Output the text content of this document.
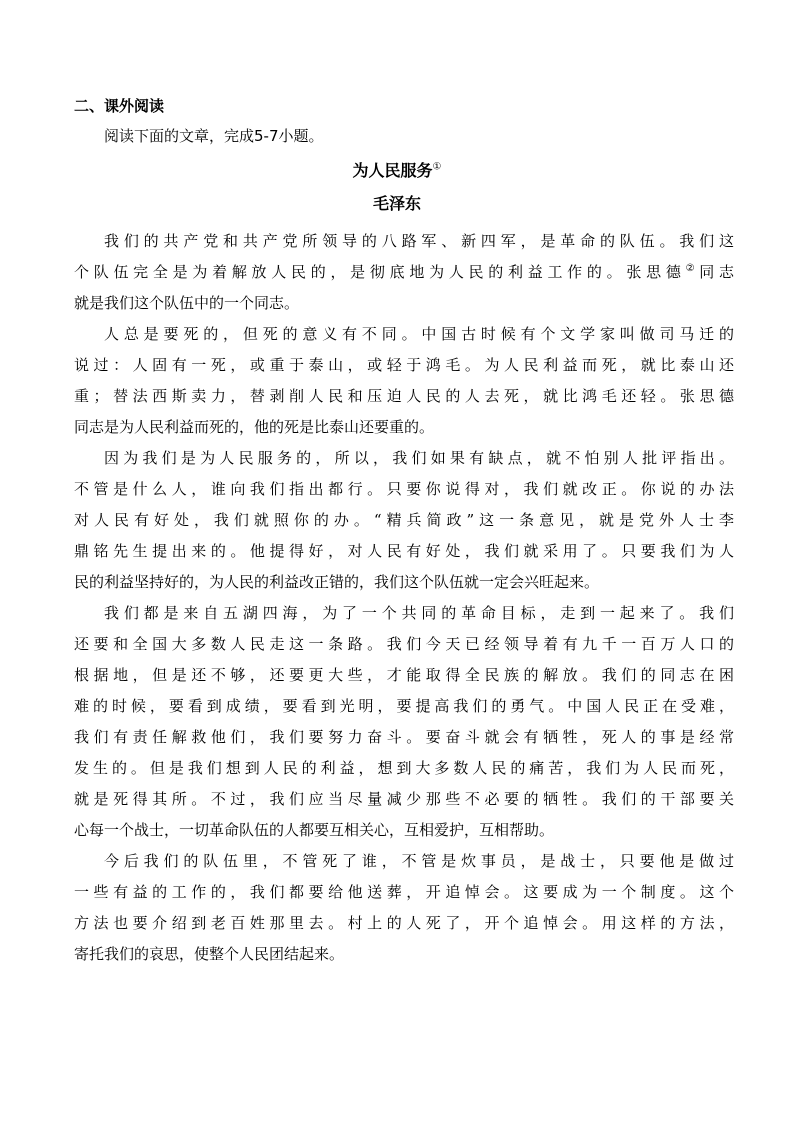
二、课外阅读
阅读下面的文章，完成5-7小题。
为人民服务①
毛泽东
我们的共产党和共产党所领导的八路军、新四军，是革命的队伍。我们这
个队伍完全是为着解放人民的，是彻底地为人民的利益工作的。张思德②同志
就是我们这个队伍中的一个同志。
人总是要死的，但死的意义有不同。中国古时候有个文学家叫做司马迁的
说过：人固有一死，或重于泰山，或轻于鸿毛。为人民利益而死，就比泰山还
重；替法西斯卖力，替剥削人民和压迫人民的人去死，就比鸿毛还轻。张思德
同志是为人民利益而死的，他的死是比泰山还要重的。
因为我们是为人民服务的，所以，我们如果有缺点，就不怕别人批评指出。
不管是什么人，谁向我们指出都行。只要你说得对，我们就改正。你说的办法
对人民有好处，我们就照你的办。“精兵简政”这一条意见，就是党外人士李
鼎铭先生提出来的。他提得好，对人民有好处，我们就采用了。只要我们为人
民的利益坚持好的，为人民的利益改正错的，我们这个队伍就一定会兴旺起来。
我们都是来自五湖四海，为了一个共同的革命目标，走到一起来了。我们
还要和全国大多数人民走这一条路。我们今天已经领导着有九千一百万人口的
根据地，但是还不够，还要更大些，才能取得全民族的解放。我们的同志在困
难的时候，要看到成绩，要看到光明，要提高我们的勇气。中国人民正在受难，
我们有责任解救他们，我们要努力奋斗。要奋斗就会有牺牲，死人的事是经常
发生的。但是我们想到人民的利益，想到大多数人民的痛苦，我们为人民而死，
就是死得其所。不过，我们应当尽量减少那些不必要的牺牲。我们的干部要关
心每一个战士，一切革命队伍的人都要互相关心，互相爱护，互相帮助。
今后我们的队伍里，不管死了谁，不管是炊事员，是战士，只要他是做过
一些有益的工作的，我们都要给他送葬，开追悼会。这要成为一个制度。这个
方法也要介绍到老百姓那里去。村上的人死了，开个追悼会。用这样的方法，
寄托我们的哀思，使整个人民团结起来。
